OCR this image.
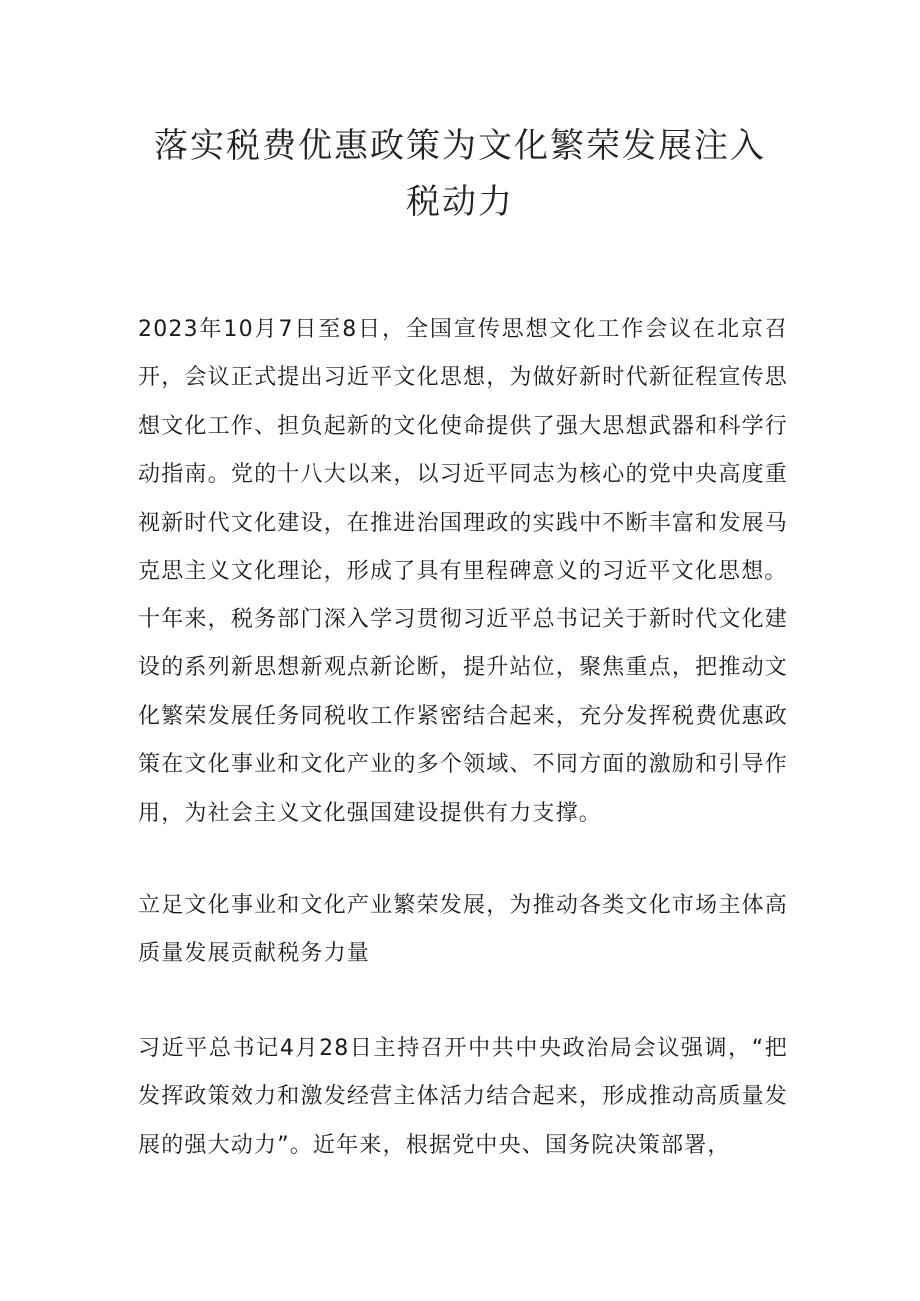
落实税费优惠政策为文化繁荣发展注入税动力

2023年10月7日至8日，全国宣传思想文化工作会议在北京召开，会议正式提出习近平文化思想，为做好新时代新征程宣传思想文化工作、担负起新的文化使命提供了强大思想武器和科学行动指南。党的十八大以来，以习近平同志为核心的党中央高度重视新时代文化建设，在推进治国理政的实践中不断丰富和发展马克思主义文化理论，形成了具有里程碑意义的习近平文化思想。

十年来，税务部门深入学习贯彻习近平总书记关于新时代文化建设的系列新思想新观点新论断，提升站位，聚焦重点，把推动文化繁荣发展任务同税收工作紧密结合起来，充分发挥税费优惠政策在文化事业和文化产业的多个领域、不同方面的激励和引导作用，为社会主义文化强国建设提供有力支撑。

立足文化事业和文化产业繁荣发展，为推动各类文化市场主体高质量发展贡献税务力量

习近平总书记4月28日主持召开中共中央政治局会议强调，“把发挥政策效力和激发经营主体活力结合起来，形成推动高质量发展的强大动力”。近年来，根据党中央、国务院决策部署，
